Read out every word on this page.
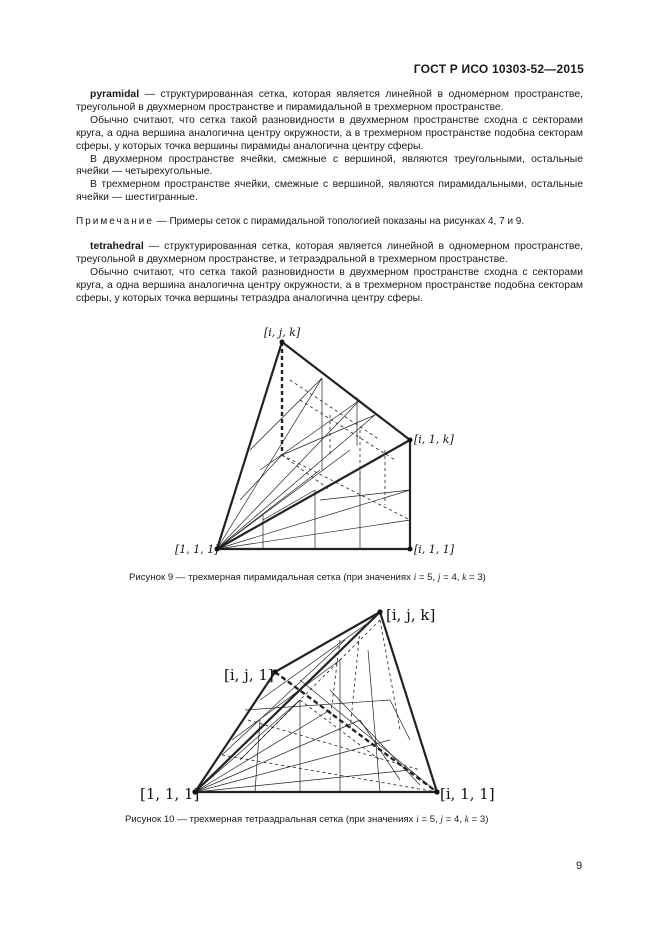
ГОСТ Р ИСО 10303-52—2015

pyramidal — структурированная сетка, которая является линейной в одномерном пространстве, треугольной в двухмерном пространстве и пирамидальной в трехмерном пространстве.

Обычно считают, что сетка такой разновидности в двухмерном пространстве сходна с секторами круга, а одна вершина аналогична центру окружности, а в трехмерном пространстве подобна секторам сферы, у которых точка вершины пирамиды аналогична центру сферы.

В двухмерном пространстве ячейки, смежные с вершиной, являются треугольными, остальные ячейки — четырехугольные.

В трехмерном пространстве ячейки, смежные с вершиной, являются пирамидальными, остальные ячейки — шестигранные.

Примечание — Примеры сеток с пирамидальной топологией показаны на рисунках 4, 7 и 9.

tetrahedral — структурированная сетка, которая является линейной в одномерном пространстве, треугольной в двухмерном пространстве, и тетраэдральной в трехмерном пространстве.

Обычно считают, что сетка такой разновидности в двухмерном пространстве сходна с секторами круга, а одна вершина аналогична центру окружности, а в трехмерном пространстве подобна секторам сферы, у которых точка вершины тетраэдра аналогична центру сферы.

[i, j, k]
[i, 1, k]
[1, 1, 1]	[i, 1, 1]
Рисунок 9 — трехмерная пирамидальная сетка (при значениях i = 5, j = 4, k = 3)
[i, j, k]
[i, j, 1]
[1, 1, 1]	[i, 1, 1]
Рисунок 10 — трехмерная тетраэдральная сетка (при значениях i = 5, j = 4, k = 3)
9
